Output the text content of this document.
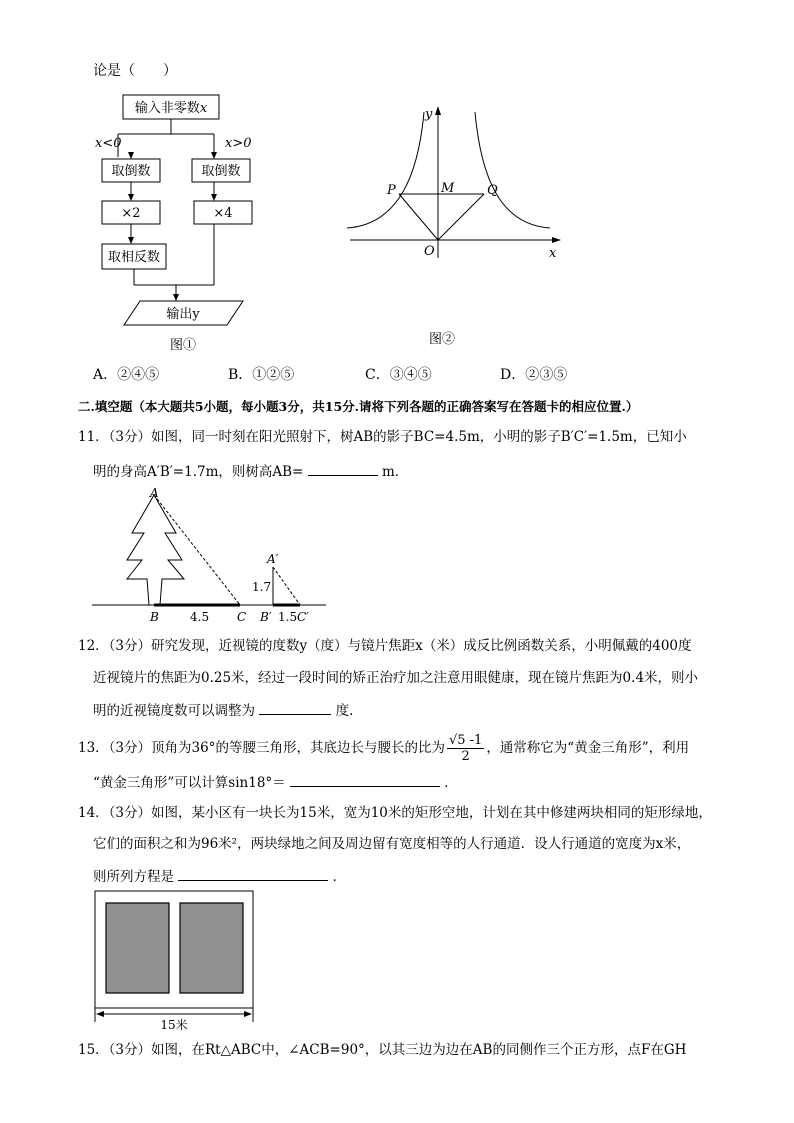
论是（　　）
输入非零数x
x<0	x>0
取倒数	取倒数
×2	×4
取相反数
输出y
图①
y
x
P	M	Q
O
图②
A．②④⑤	B．①②⑤	C．③④⑤	D．②③⑤
二.填空题（本大题共5小题，每小题3分，共15分.请将下列各题的正确答案写在答题卡的相应位置.）
11．（3分）如图，同一时刻在阳光照射下，树AB的影子BC=4.5m，小明的影子B′C′=1.5m，已知小
明的身高A′B′=1.7m，则树高AB=	m．
A
B	C
4.5
A′
1.7
B′ 1.5 C′
12．（3分）研究发现，近视镜的度数y（度）与镜片焦距x（米）成反比例函数关系，小明佩戴的400度
近视镜片的焦距为0.25米，经过一段时间的矫正治疗加之注意用眼健康，现在镜片焦距为0.4米，则小
明的近视镜度数可以调整为	度.
13．（3分）顶角为36°的等腰三角形，其底边长与腰长的比为 $\frac{√5 -1}{2}$ ，通常称它为“黄金三角形”，利用
“黄金三角形”可以计算sin18°＝	．
14．（3分）如图，某小区有一块长为15米，宽为10米的矩形空地，计划在其中修建两块相同的矩形绿地，
它们的面积之和为96米²，两块绿地之间及周边留有宽度相等的人行通道．设人行通道的宽度为x米，
则所列方程是	．
15米
15．（3分）如图，在Rt△ABC中，∠ACB=90°，以其三边为边在AB的同侧作三个正方形，点F在GH
